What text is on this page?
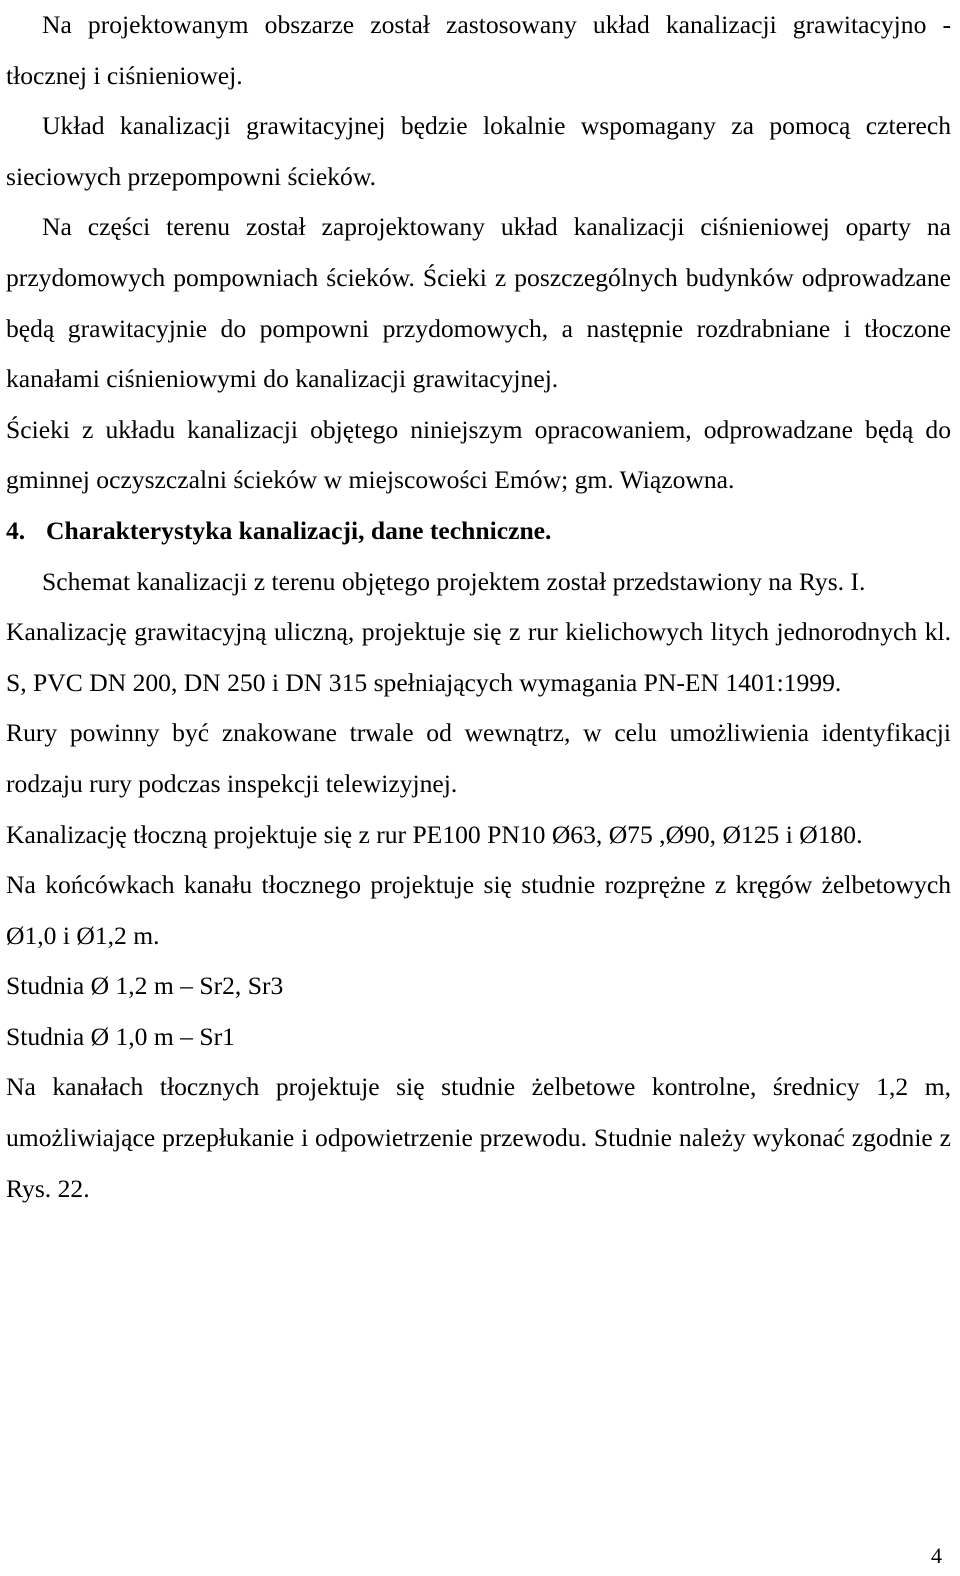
Na projektowanym obszarze został zastosowany układ kanalizacji grawitacyjno - tłocznej i ciśnieniowej.

Układ kanalizacji grawitacyjnej będzie lokalnie wspomagany za pomocą czterech sieciowych przepompowni ścieków.

Na części terenu został zaprojektowany układ kanalizacji ciśnieniowej oparty na przydomowych pompowniach ścieków. Ścieki z poszczególnych budynków odprowadzane będą grawitacyjnie do pompowni przydomowych, a następnie rozdrabniane i tłoczone kanałami ciśnieniowymi do kanalizacji grawitacyjnej.

Ścieki z układu kanalizacji objętego niniejszym opracowaniem, odprowadzane będą do gminnej oczyszczalni ścieków w miejscowości Emów; gm. Wiązowna.

4. Charakterystyka kanalizacji, dane techniczne.

Schemat kanalizacji z terenu objętego projektem został przedstawiony na Rys. I.

Kanalizację grawitacyjną uliczną, projektuje się z rur kielichowych litych jednorodnych kl. S, PVC DN 200, DN 250 i DN 315 spełniających wymagania PN-EN 1401:1999.

Rury powinny być znakowane trwale od wewnątrz, w celu umożliwienia identyfikacji rodzaju rury podczas inspekcji telewizyjnej.

Kanalizację tłoczną projektuje się z rur PE100 PN10 Ø63, Ø75 ,Ø90, Ø125 i Ø180.

Na końcówkach kanału tłocznego projektuje się studnie rozprężne z kręgów żelbetowych Ø1,0 i Ø1,2 m.

Studnia Ø 1,2 m – Sr2, Sr3

Studnia Ø 1,0 m – Sr1

Na kanałach tłocznych projektuje się studnie żelbetowe kontrolne, średnicy 1,2 m, umożliwiające przepłukanie i odpowietrzenie przewodu. Studnie należy wykonać zgodnie z Rys. 22.

4
